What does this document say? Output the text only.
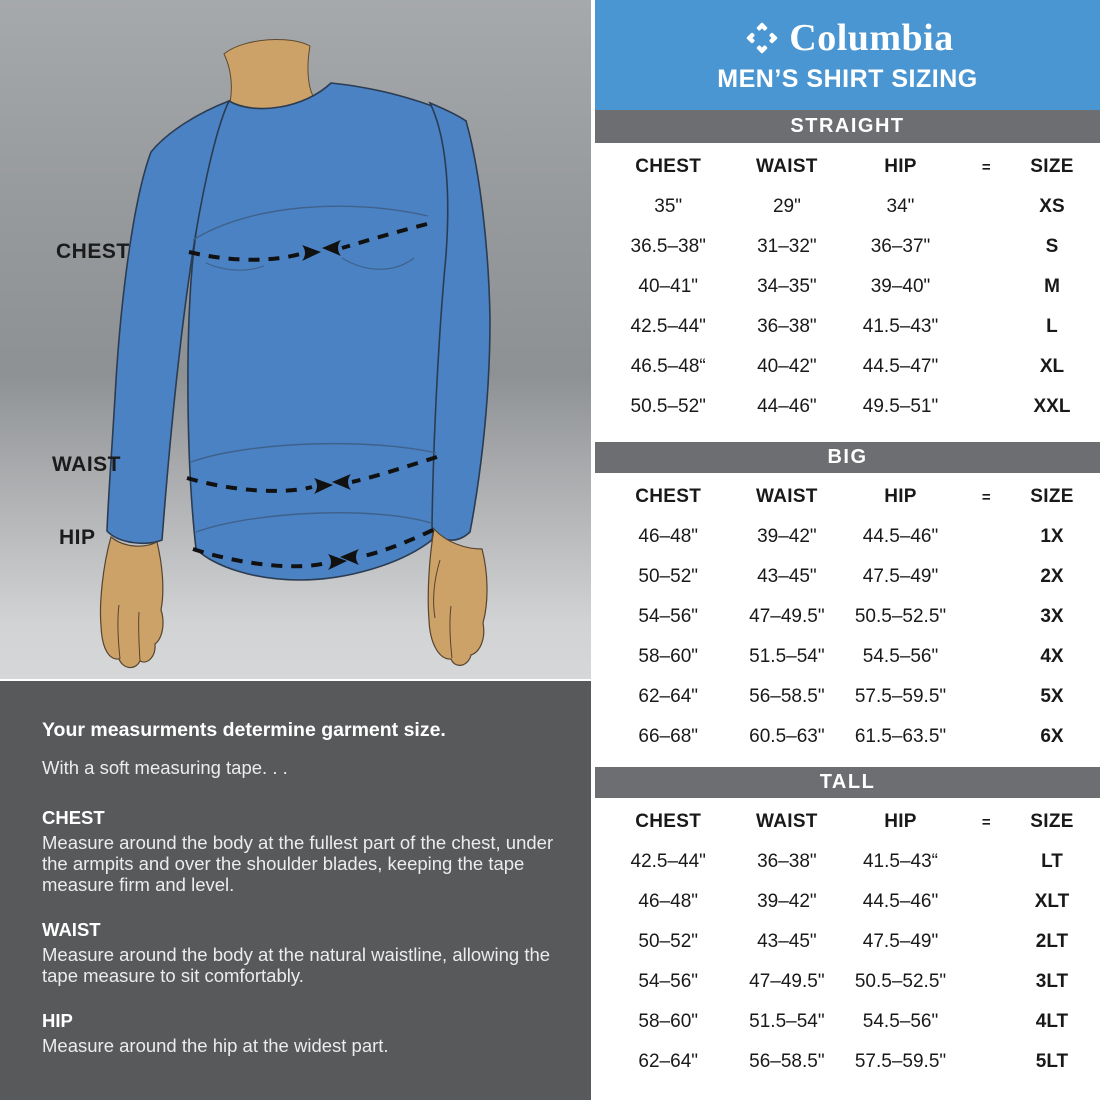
CHEST
WAIST
HIP

Your measurments determine garment size.

With a soft measuring tape. . .

CHEST

Measure around the body at the fullest part of the chest, under the armpits and over the shoulder blades, keeping the tape measure firm and level.

WAIST

Measure around the body at the natural waistline, allowing the tape measure to sit comfortably.

HIP

Measure around the hip at the widest part.

Columbia
MEN’S SHIRT SIZING
STRAIGHT
CHEST	WAIST	HIP	=	SIZE
35"	29"	34"	XS
36.5–38"	31–32"	36–37"	S
40–41"	34–35"	39–40"	M
42.5–44"	36–38"	41.5–43"	L
46.5–48“	40–42"	44.5–47"	XL
50.5–52"	44–46"	49.5–51"	XXL
BIG
CHEST	WAIST	HIP	=	SIZE
46–48"	39–42"	44.5–46"	1X
50–52"	43–45"	47.5–49"	2X
54–56"	47–49.5"	50.5–52.5"	3X
58–60"	51.5–54"	54.5–56"	4X
62–64"	56–58.5"	57.5–59.5"	5X
66–68"	60.5–63"	61.5–63.5"	6X
TALL
CHEST	WAIST	HIP	=	SIZE
42.5–44"	36–38"	41.5–43“	LT
46–48"	39–42"	44.5–46"	XLT
50–52"	43–45"	47.5–49"	2LT
54–56"	47–49.5"	50.5–52.5"	3LT
58–60"	51.5–54"	54.5–56"	4LT
62–64"	56–58.5"	57.5–59.5"	5LT
